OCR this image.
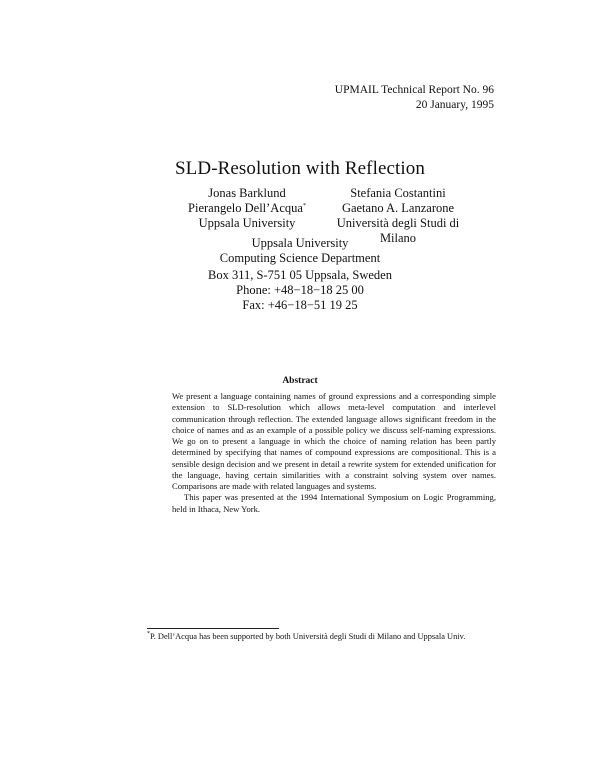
UPMAIL Technical Report No. 96
20 January, 1995
SLD-Resolution with Reflection
Jonas Barklund
Pierangelo Dell’Acqua*
Uppsala University
Stefania Costantini
Gaetano A. Lanzarone
Università degli Studi di Milano
Uppsala University
Computing Science Department
Box 311, S-751 05 Uppsala, Sweden
Phone: +48−18−18 25 00
Fax: +46−18−51 19 25
Abstract

We present a language containing names of ground expressions and a corresponding simple extension to SLD-resolution which allows meta-level computation and interlevel communication through reflection. The extended language allows significant freedom in the choice of names and as an example of a possible policy we discuss self-naming expressions. We go on to present a language in which the choice of naming relation has been partly determined by specifying that names of compound expressions are compositional. This is a sensible design decision and we present in detail a rewrite system for extended unification for the language, having certain similarities with a constraint solving system over names. Comparisons are made with related languages and systems.

This paper was presented at the 1994 International Symposium on Logic Programming, held in Ithaca, New York.

*P. Dell’Acqua has been supported by both Università degli Studi di Milano and Uppsala Univ.
